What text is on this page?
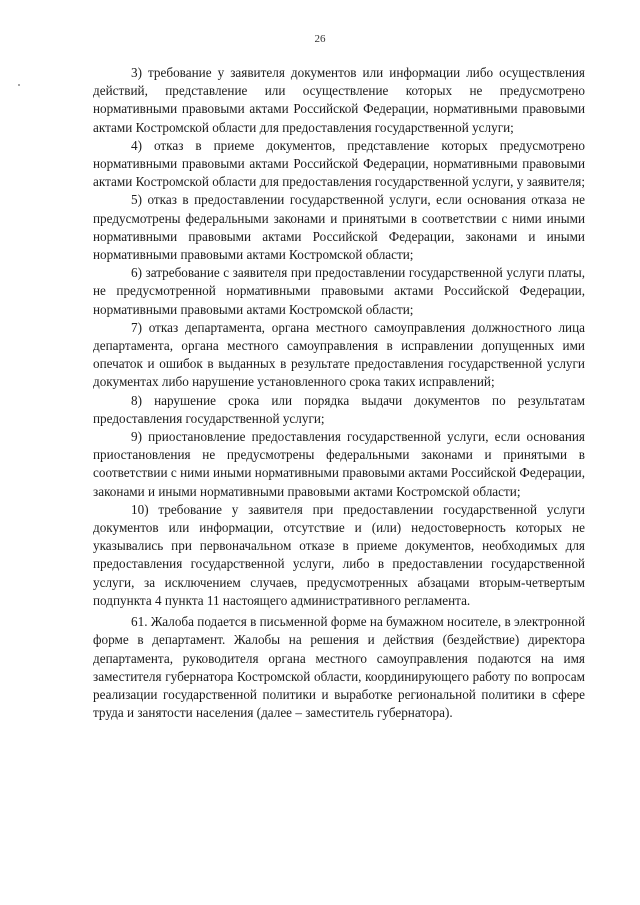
26

3) требование у заявителя документов или информации либо осуществления действий, представление или осуществление которых не предусмотрено нормативными правовыми актами Российской Федерации, нормативными правовыми актами Костромской области для предоставления государственной услуги;

4) отказ в приеме документов, представление которых предусмотрено нормативными правовыми актами Российской Федерации, нормативными правовыми актами Костромской области для предоставления государственной услуги, у заявителя;

5) отказ в предоставлении государственной услуги, если основания отказа не предусмотрены федеральными законами и принятыми в соответствии с ними иными нормативными правовыми актами Российской Федерации, законами и иными нормативными правовыми актами Костромской области;

6) затребование с заявителя при предоставлении государственной услуги платы, не предусмотренной нормативными правовыми актами Российской Федерации, нормативными правовыми актами Костромской области;

7) отказ департамента, органа местного самоуправления должностного лица департамента, органа местного самоуправления в исправлении допущенных ими опечаток и ошибок в выданных в результате предоставления государственной услуги документах либо нарушение установленного срока таких исправлений;

8) нарушение срока или порядка выдачи документов по результатам предоставления государственной услуги;

9) приостановление предоставления государственной услуги, если основания приостановления не предусмотрены федеральными законами и принятыми в соответствии с ними иными нормативными правовыми актами Российской Федерации, законами и иными нормативными правовыми актами Костромской области;

10) требование у заявителя при предоставлении государственной услуги документов или информации, отсутствие и (или) недостоверность которых не указывались при первоначальном отказе в приеме документов, необходимых для предоставления государственной услуги, либо в предоставлении государственной услуги, за исключением случаев, предусмотренных абзацами вторым-четвертым подпункта 4 пункта 11 настоящего административного регламента.

61. Жалоба подается в письменной форме на бумажном носителе, в электронной форме в департамент. Жалобы на решения и действия (бездействие) директора департамента, руководителя органа местного самоуправления подаются на имя заместителя губернатора Костромской области, координирующего работу по вопросам реализации государственной политики и выработке региональной политики в сфере труда и занятости населения (далее – заместитель губернатора).
